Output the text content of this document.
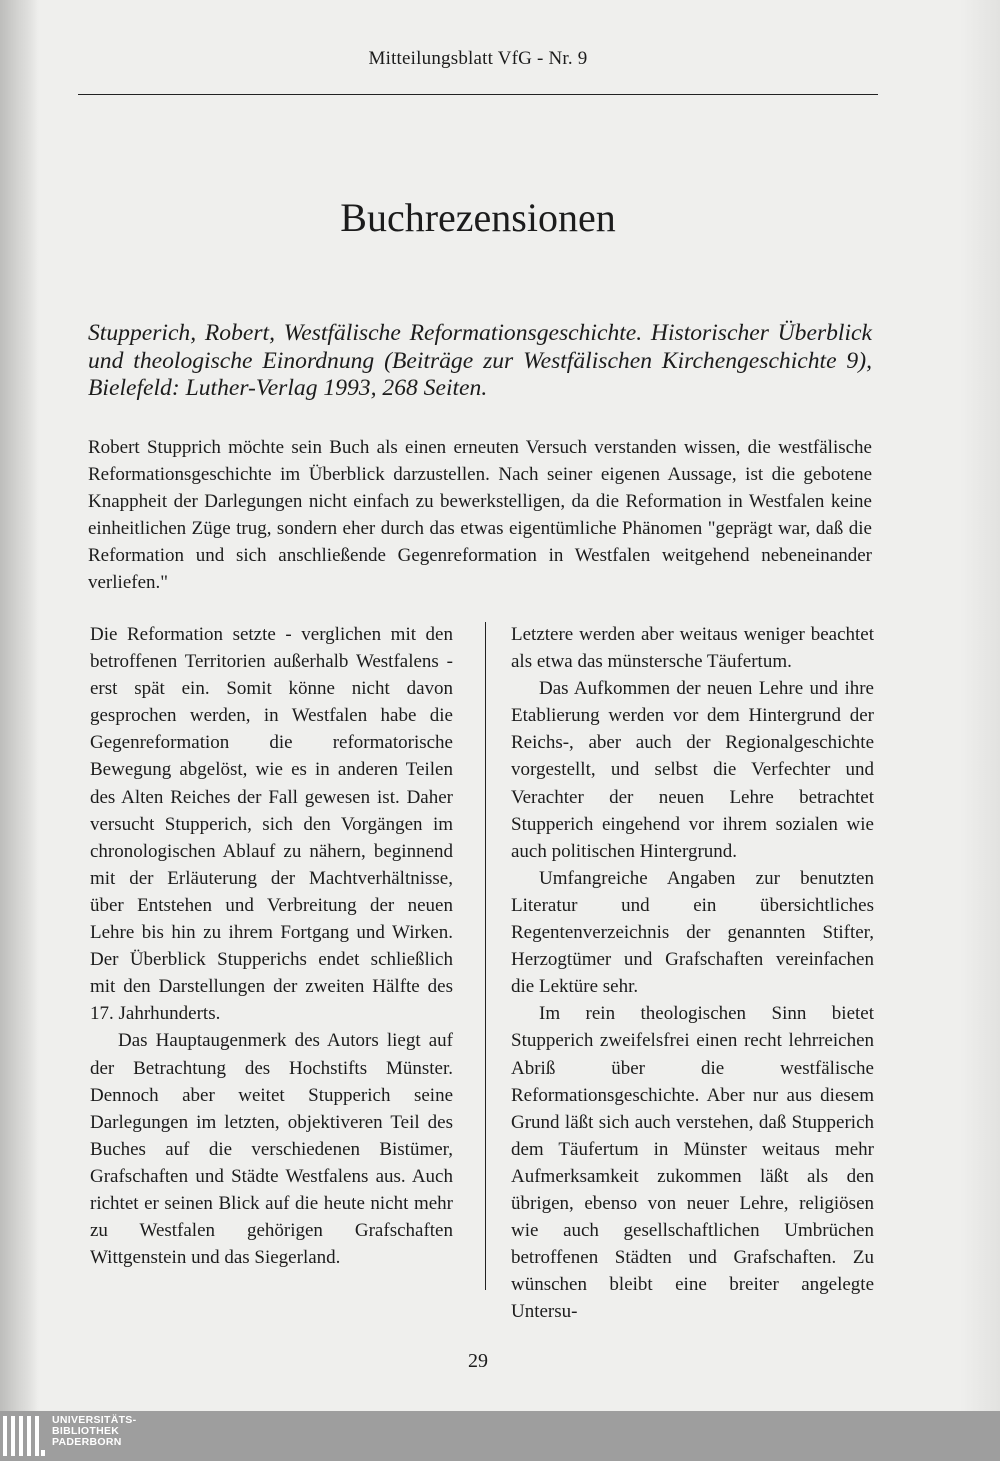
Mitteilungsblatt VfG - Nr. 9
Buchrezensionen

Stupperich, Robert, Westfälische Reformationsgeschichte. Historischer Überblick und theologische Einordnung (Beiträge zur Westfälischen Kirchengeschichte 9), Bielefeld: Luther-Verlag 1993, 268 Seiten.

Robert Stupprich möchte sein Buch als einen erneuten Versuch verstanden wissen, die westfälische Reformationsgeschichte im Überblick darzustellen. Nach seiner eigenen Aussage, ist die gebotene Knappheit der Darlegungen nicht einfach zu bewerkstelligen, da die Reformation in Westfalen keine einheitlichen Züge trug, sondern eher durch das etwas eigentümliche Phänomen "geprägt war, daß die Reformation und sich anschließende Gegenreformation in Westfalen weitgehend nebeneinander verliefen."

Die Reformation setzte - verglichen mit den betroffenen Territorien außerhalb Westfalens - erst spät ein. Somit könne nicht davon gesprochen werden, in Westfalen habe die Gegenreformation die reformatorische Bewegung abgelöst, wie es in anderen Teilen des Alten Reiches der Fall gewesen ist. Daher versucht Stupperich, sich den Vorgängen im chronologischen Ablauf zu nähern, beginnend mit der Erläuterung der Machtverhältnisse, über Entstehen und Verbreitung der neuen Lehre bis hin zu ihrem Fortgang und Wirken. Der Überblick Stupperichs endet schließlich mit den Darstellungen der zweiten Hälfte des 17. Jahrhunderts.

Das Hauptaugenmerk des Autors liegt auf der Betrachtung des Hochstifts Münster. Dennoch aber weitet Stupperich seine Darlegungen im letzten, objektiveren Teil des Buches auf die verschiedenen Bistümer, Grafschaften und Städte Westfalens aus. Auch richtet er seinen Blick auf die heute nicht mehr zu Westfalen gehörigen Grafschaften Wittgenstein und das Siegerland.

Letztere werden aber weitaus weniger beachtet als etwa das münstersche Täufertum.

Das Aufkommen der neuen Lehre und ihre Etablierung werden vor dem Hintergrund der Reichs-, aber auch der Regionalgeschichte vorgestellt, und selbst die Verfechter und Verachter der neuen Lehre betrachtet Stupperich eingehend vor ihrem sozialen wie auch politischen Hintergrund.

Umfangreiche Angaben zur benutzten Literatur und ein übersichtliches Regentenverzeichnis der genannten Stifter, Herzogtümer und Grafschaften vereinfachen die Lektüre sehr.

Im rein theologischen Sinn bietet Stupperich zweifelsfrei einen recht lehrreichen Abriß über die westfälische Reformationsgeschichte. Aber nur aus diesem Grund läßt sich auch verstehen, daß Stupperich dem Täufertum in Münster weitaus mehr Aufmerksamkeit zukommen läßt als den übrigen, ebenso von neuer Lehre, religiösen wie auch gesellschaftlichen Umbrüchen betroffenen Städten und Grafschaften. Zu wünschen bleibt eine breiter angelegte Untersu-

29
UNIVERSITÄTS-
BIBLIOTHEK
PADERBORN
